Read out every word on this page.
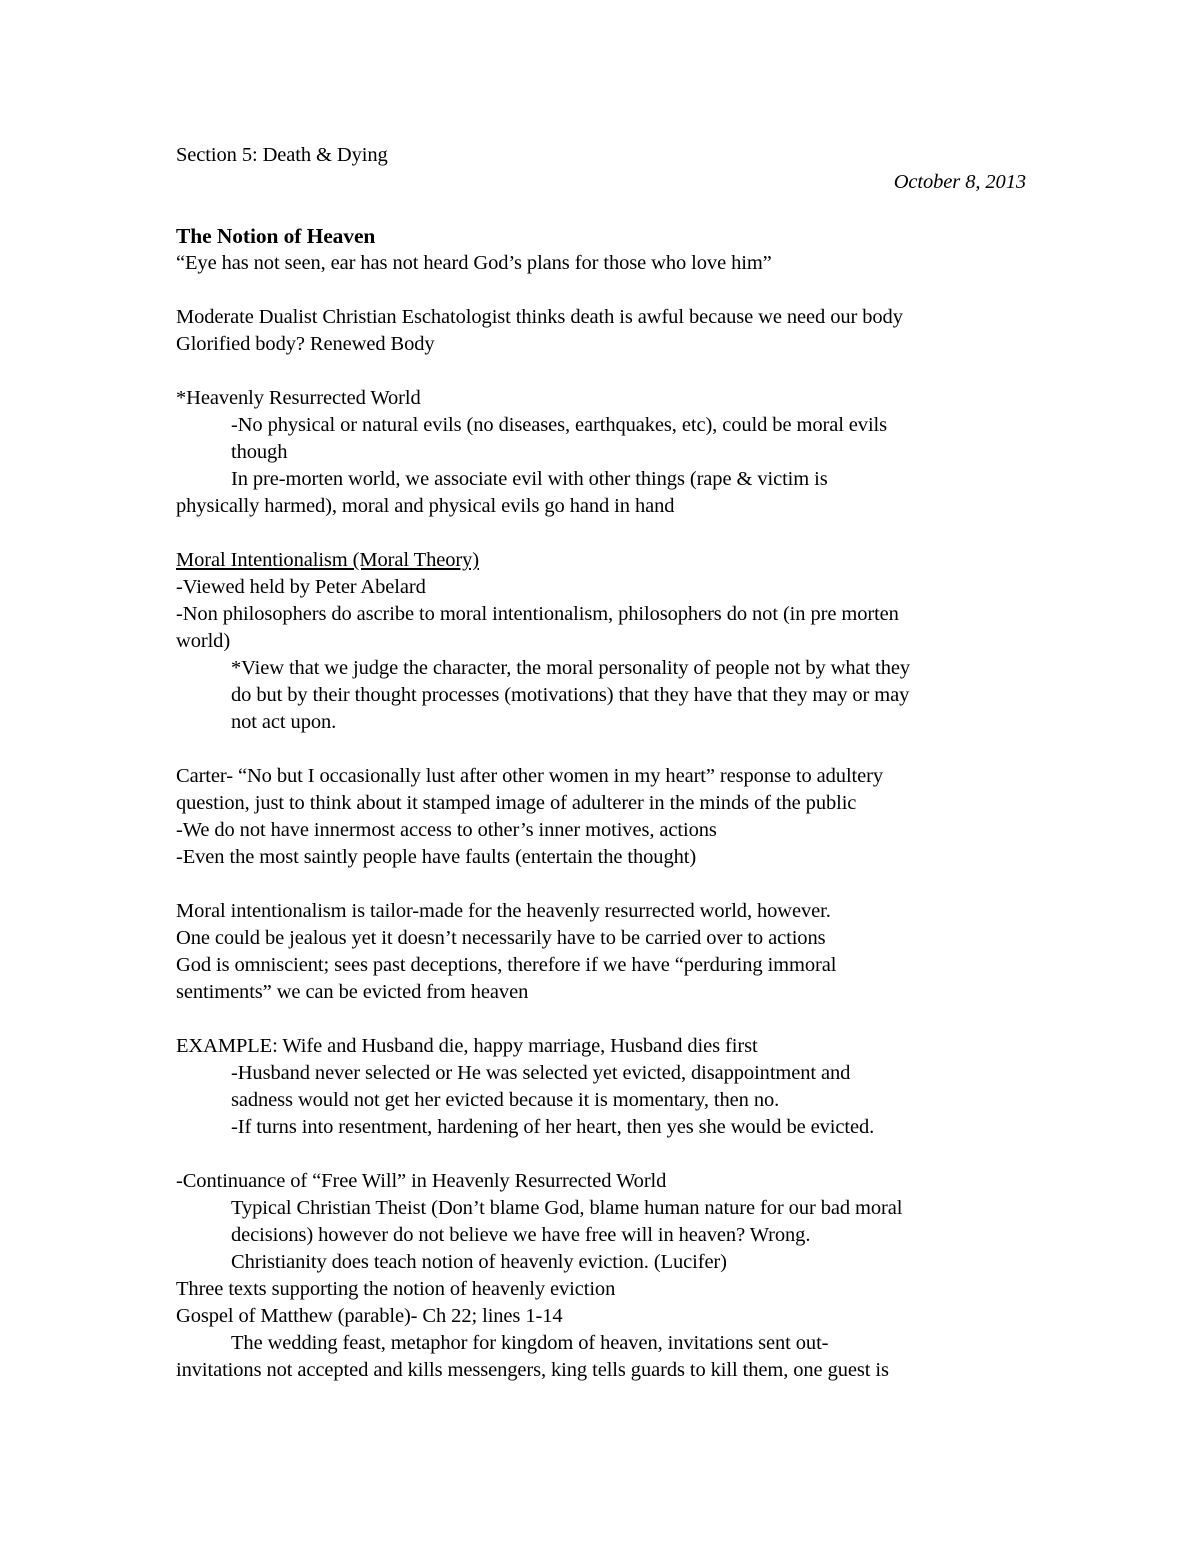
Section 5: Death & Dying
October 8, 2013
The Notion of Heaven
“Eye has not seen, ear has not heard God’s plans for those who love him”
Moderate Dualist Christian Eschatologist thinks death is awful because we need our body
Glorified body? Renewed Body
*Heavenly Resurrected World
-No physical or natural evils (no diseases, earthquakes, etc), could be moral evils
though
In pre-morten world, we associate evil with other things (rape & victim is
physically harmed), moral and physical evils go hand in hand
Moral Intentionalism (Moral Theory)
-Viewed held by Peter Abelard
-Non philosophers do ascribe to moral intentionalism, philosophers do not (in pre morten
world)
*View that we judge the character, the moral personality of people not by what they
do but by their thought processes (motivations) that they have that they may or may
not act upon.
Carter- “No but I occasionally lust after other women in my heart” response to adultery
question, just to think about it stamped image of adulterer in the minds of the public
-We do not have innermost access to other’s inner motives, actions
-Even the most saintly people have faults (entertain the thought)
Moral intentionalism is tailor-made for the heavenly resurrected world, however.
One could be jealous yet it doesn’t necessarily have to be carried over to actions
God is omniscient; sees past deceptions, therefore if we have “perduring immoral
sentiments” we can be evicted from heaven
EXAMPLE: Wife and Husband die, happy marriage, Husband dies first
-Husband never selected or He was selected yet evicted, disappointment and
sadness would not get her evicted because it is momentary, then no.
-If turns into resentment, hardening of her heart, then yes she would be evicted.
-Continuance of “Free Will” in Heavenly Resurrected World
Typical Christian Theist (Don’t blame God, blame human nature for our bad moral
decisions) however do not believe we have free will in heaven? Wrong.
Christianity does teach notion of heavenly eviction. (Lucifer)
Three texts supporting the notion of heavenly eviction
Gospel of Matthew (parable)- Ch 22; lines 1-14
The wedding feast, metaphor for kingdom of heaven, invitations sent out-
invitations not accepted and kills messengers, king tells guards to kill them, one guest is
